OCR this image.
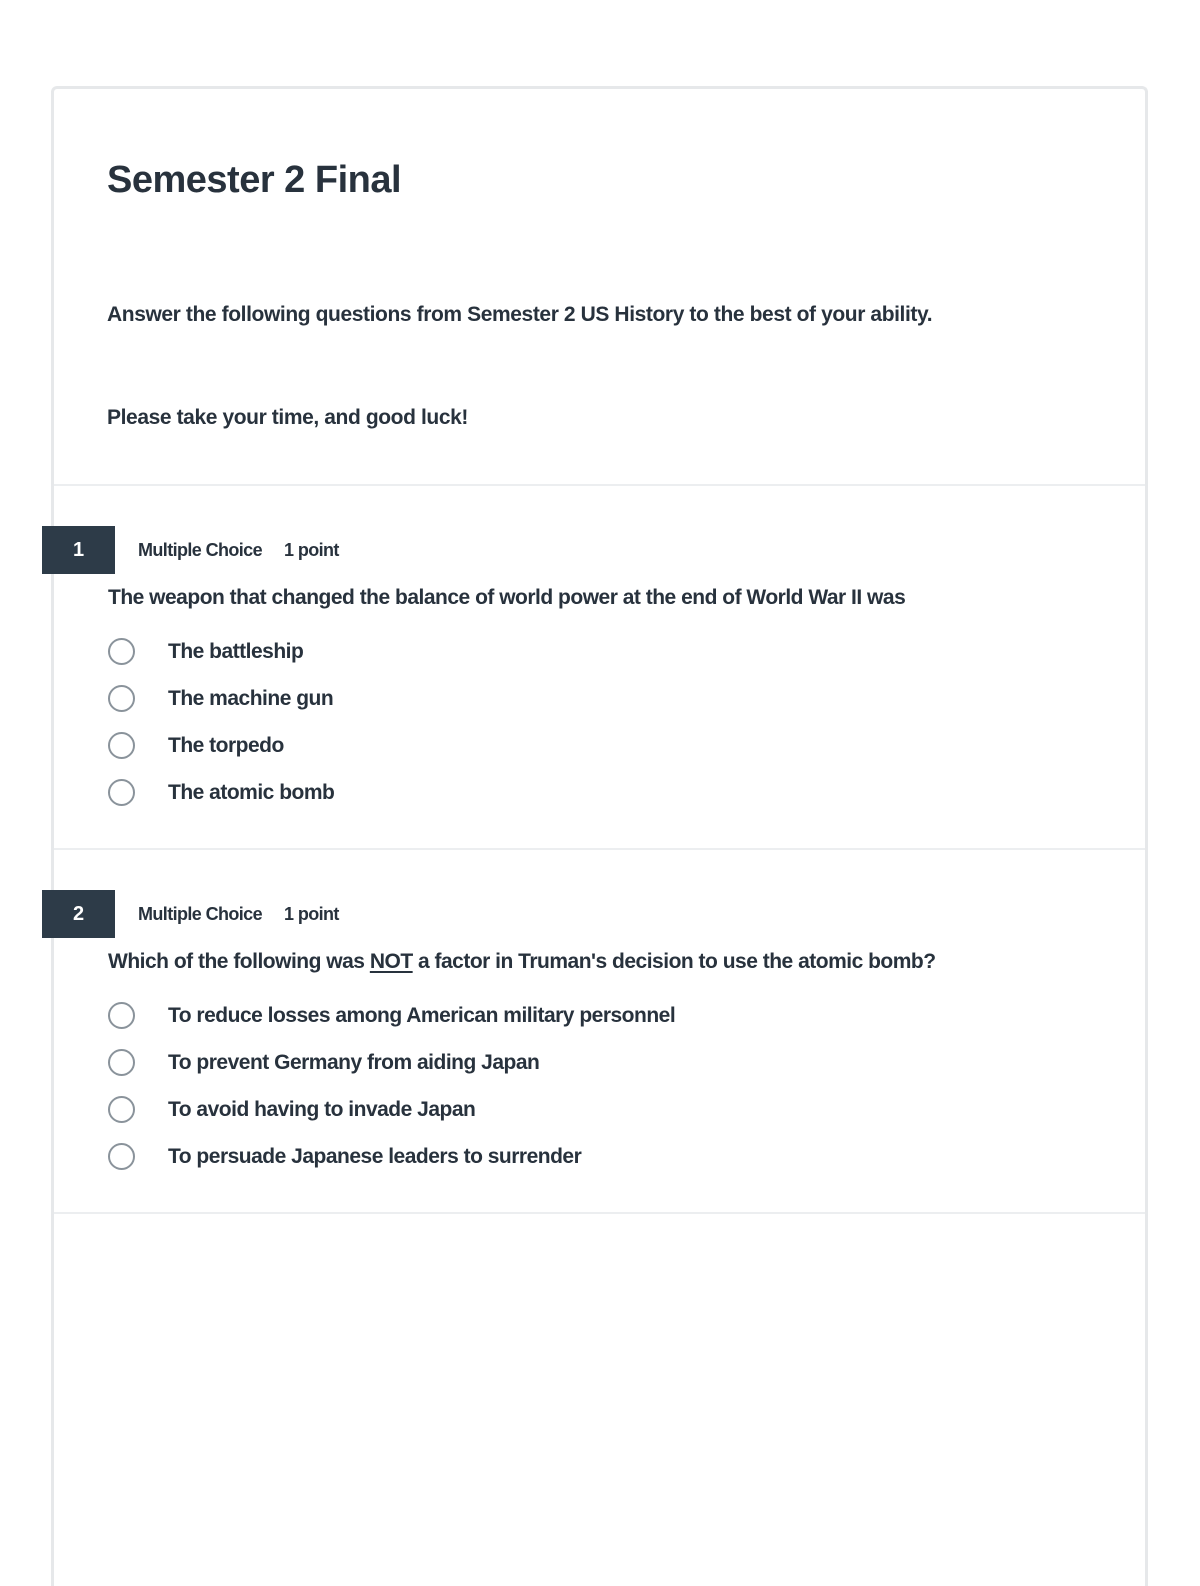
Semester 2 Final
Answer the following questions from Semester 2 US History to the best of your ability.
Please take your time, and good luck!
1	Multiple Choice 1 point
The weapon that changed the balance of world power at the end of World War II was
The battleship
The machine gun
The torpedo
The atomic bomb
2	Multiple Choice 1 point
Which of the following was NOT a factor in Truman's decision to use the atomic bomb?
To reduce losses among American military personnel
To prevent Germany from aiding Japan
To avoid having to invade Japan
To persuade Japanese leaders to surrender
